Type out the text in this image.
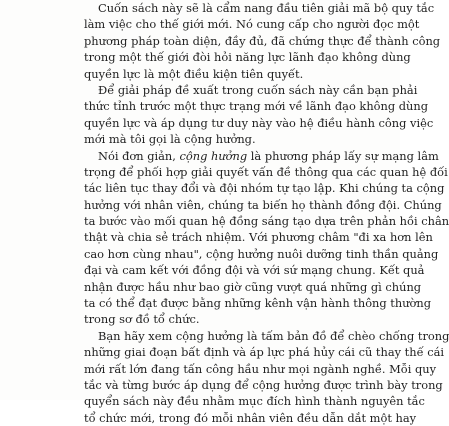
Cuốn sách này sẽ là cẩm nang đầu tiên giải mã bộ quy tắc
làm việc cho thế giới mới. Nó cung cấp cho người đọc một
phương pháp toàn diện, đầy đủ, đã chứng thực để thành công
trong một thế giới đòi hỏi năng lực lãnh đạo không dùng
quyền lực là một điều kiện tiên quyết.
Để giải pháp đề xuất trong cuốn sách này cần bạn phải
thức tỉnh trước một thực trạng mới về lãnh đạo không dùng
quyền lực và áp dụng tư duy này vào hệ điều hành công việc
mới mà tôi gọi là cộng hưởng.
Nói đơn giản, cộng hưởng là phương pháp lấy sự mạng lâm
trọng để phối hợp giải quyết vấn đề thông qua các quan hệ đối
tác liên tục thay đổi và đội nhóm tự tạo lập. Khi chúng ta cộng
hưởng với nhân viên, chúng ta biến họ thành đồng đội. Chúng
ta bước vào mối quan hệ đồng sáng tạo dựa trên phản hồi chân
thật và chia sẻ trách nhiệm. Với phương châm "đi xa hơn lên
cao hơn cùng nhau", cộng hưởng nuôi dưỡng tinh thần quảng
đại và cam kết với đồng đội và với sứ mạng chung. Kết quả
nhận được hầu như bao giờ cũng vượt quá những gì chúng
ta có thể đạt được bằng những kênh vận hành thông thường
trong sơ đồ tổ chức.
Bạn hãy xem cộng hưởng là tấm bản đồ để chèo chống trong
những giai đoạn bất định và áp lực phá hủy cái cũ thay thế cái
mới rất lớn đang tấn công hầu như mọi ngành nghề. Mỗi quy
tắc và từng bước áp dụng để cộng hưởng được trình bày trong
quyển sách này đều nhằm mục đích hình thành nguyên tắc
tổ chức mới, trong đó mỗi nhân viên đều dẫn dắt một hay
